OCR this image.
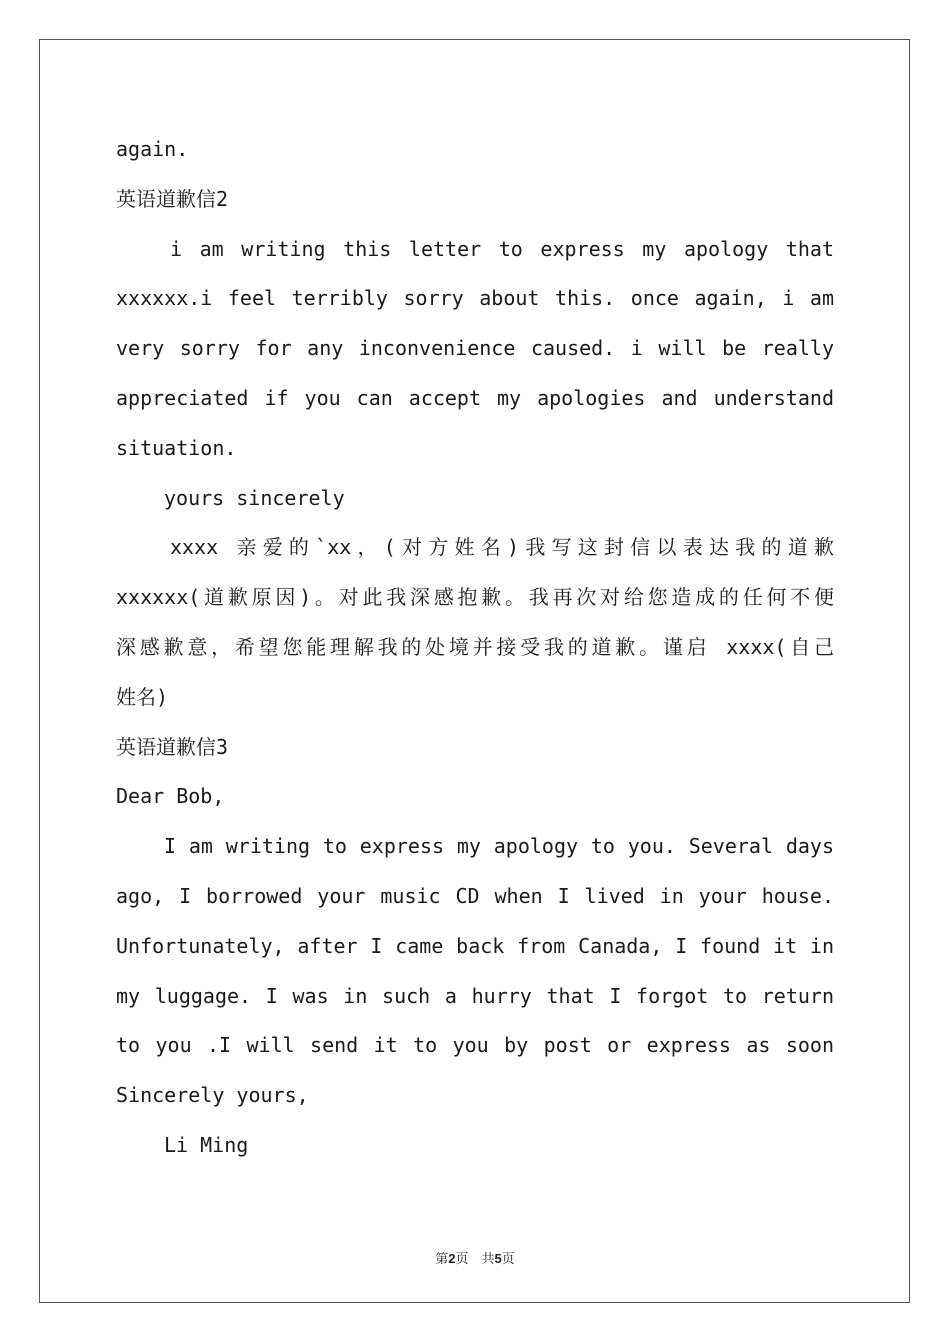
again.
英语道歉信2
i am writing this letter to express my apology that
xxxxxx.i feel terribly sorry about this. once again, i am
very sorry for any inconvenience caused. i will be really
appreciated if you can accept my apologies and understand
situation.
yours sincerely
xxxx 亲爱的`xx，(对方姓名)我写这封信以表达我的道歉
xxxxxx(道歉原因)。对此我深感抱歉。我再次对给您造成的任何不便
深感歉意，希望您能理解我的处境并接受我的道歉。谨启 xxxx(自己
姓名)
英语道歉信3
Dear Bob,
I am writing to express my apology to you. Several days
ago, I borrowed your music CD when I lived in your house.
Unfortunately, after I came back from Canada, I found it in
my luggage. I was in such a hurry that I forgot to return
to you .I will send it to you by post or express as soon
Sincerely yours,
Li Ming
第2页　共5页
